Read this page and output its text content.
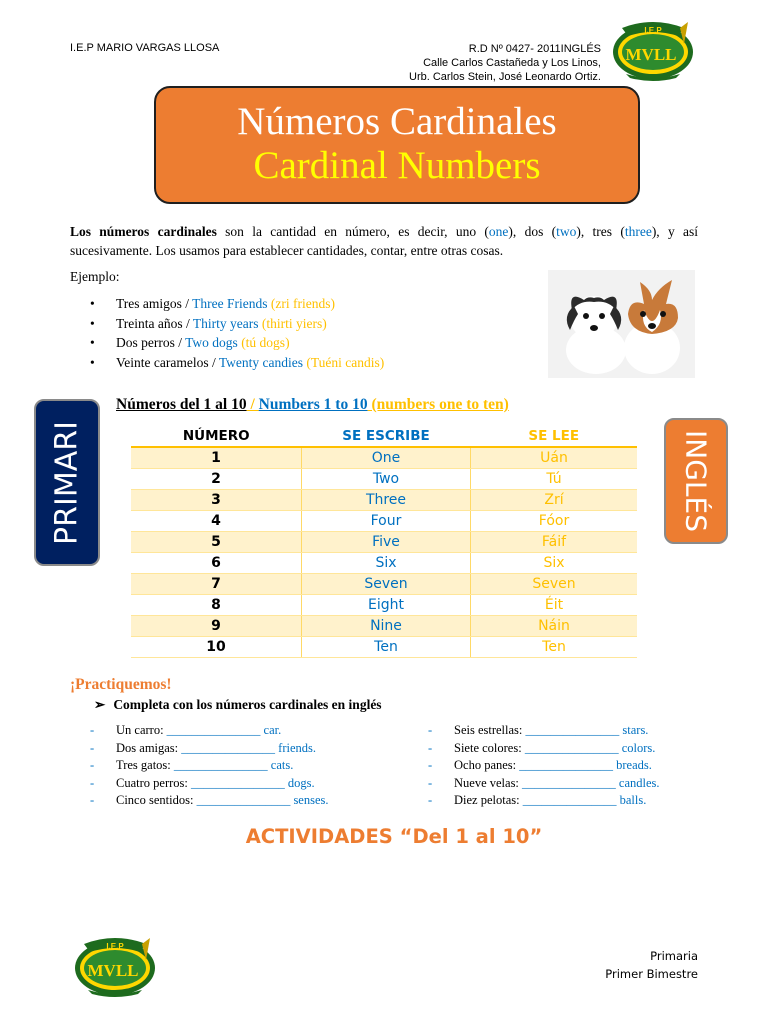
I.E.P MARIO VARGAS LLOSA	R.D Nº 0427- 2011INGLÉS
Calle Carlos Castañeda y Los Linos,
Urb. Carlos Stein, José Leonardo Ortiz.
I.E.P
MVLL
Números Cardinales
Cardinal Numbers
Los números cardinales son la cantidad en número, es decir, uno (one), dos (two), tres (three), y así sucesivamente. Los usamos para establecer cantidades, contar, entre otras cosas.
Ejemplo:
• Tres amigos / Three Friends (zri friends)
• Treinta años / Thirty years (thirti yiers)
• Dos perros / Two dogs (tú dogs)
• Veinte caramelos / Twenty candies (Tuéni candis)
Números del 1 al 10 / Numbers 1 to 10 (numbers one to ten)
PRIMARI	INGLÉS
NÚMERO	SE ESCRIBE	SE LEE
1	One	Uán
2	Two	Tú
3	Three	Zrí
4	Four	Fóor
5	Five	Fáif
6	Six	Six
7	Seven	Seven
8	Eight	Éit
9	Nine	Náin
10	Ten	Ten
¡Practiquemos!
➢ Completa con los números cardinales en inglés
- Un carro: _______________ car.
- Dos amigas: _______________ friends.
- Tres gatos: _______________ cats.
- Cuatro perros: _______________ dogs.
- Cinco sentidos: _______________ senses.
- Seis estrellas: _______________ stars.
- Siete colores: _______________ colors.
- Ocho panes: _______________ breads.
- Nueve velas: _______________ candles.
- Diez pelotas: _______________ balls.
ACTIVIDADES “Del 1 al 10”
I.E.P
MVLL
Primaria
Primer Bimestre
